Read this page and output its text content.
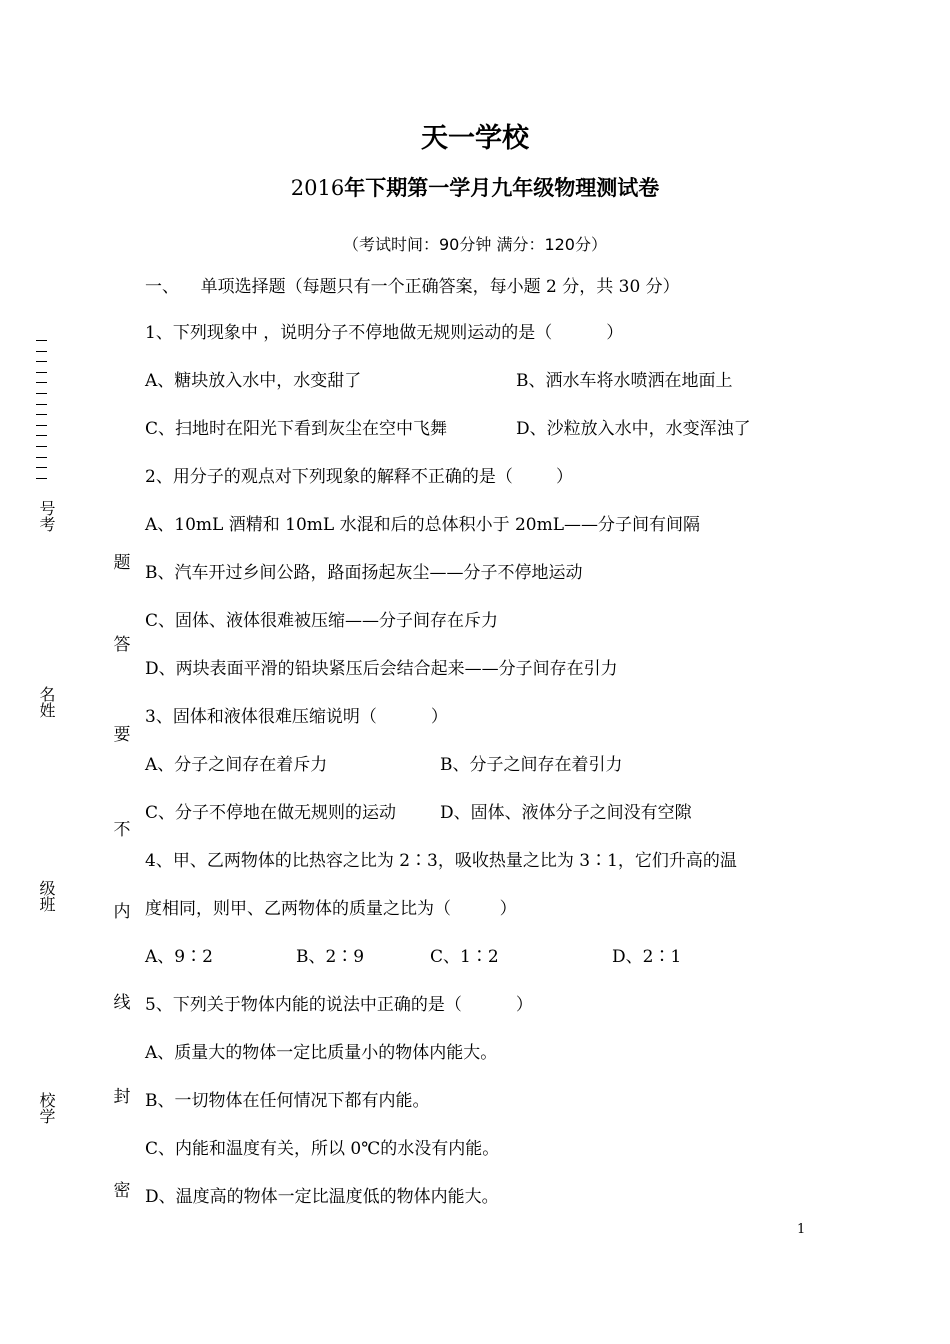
天一学校
2016年下期第一学月九年级物理测试卷
（考试时间：90分钟 满分：120分）
号考
名姓
级班
校学
题
答
要
不
内
线
封
密
一、    单项选择题（每题只有一个正确答案，每小题 2 分，共 30 分）
1、下列现象中 ，说明分子不停地做无规则运动的是（          ）
A、糖块放入水中，水变甜了	B、洒水车将水喷洒在地面上
C、扫地时在阳光下看到灰尘在空中飞舞	D、沙粒放入水中，水变浑浊了
2、用分子的观点对下列现象的解释不正确的是（        ）
A、10mL 酒精和 10mL 水混和后的总体积小于 20mL——分子间有间隔
B、汽车开过乡间公路，路面扬起灰尘——分子不停地运动
C、固体、液体很难被压缩——分子间存在斥力
D、两块表面平滑的铅块紧压后会结合起来——分子间存在引力
3、固体和液体很难压缩说明（          ）
A、分子之间存在着斥力	B、分子之间存在着引力
C、分子不停地在做无规则的运动	D、固体、液体分子之间没有空隙
4、甲、乙两物体的比热容之比为 2∶3，吸收热量之比为 3∶1，它们升高的温
度相同，则甲、乙两物体的质量之比为（         ）
A、9∶2	B、2∶9	C、1∶2	D、2∶1
5、下列关于物体内能的说法中正确的是（          ）
A、质量大的物体一定比质量小的物体内能大。
B、一切物体在任何情况下都有内能。
C、内能和温度有关，所以 0℃的水没有内能。
D、温度高的物体一定比温度低的物体内能大。
1
